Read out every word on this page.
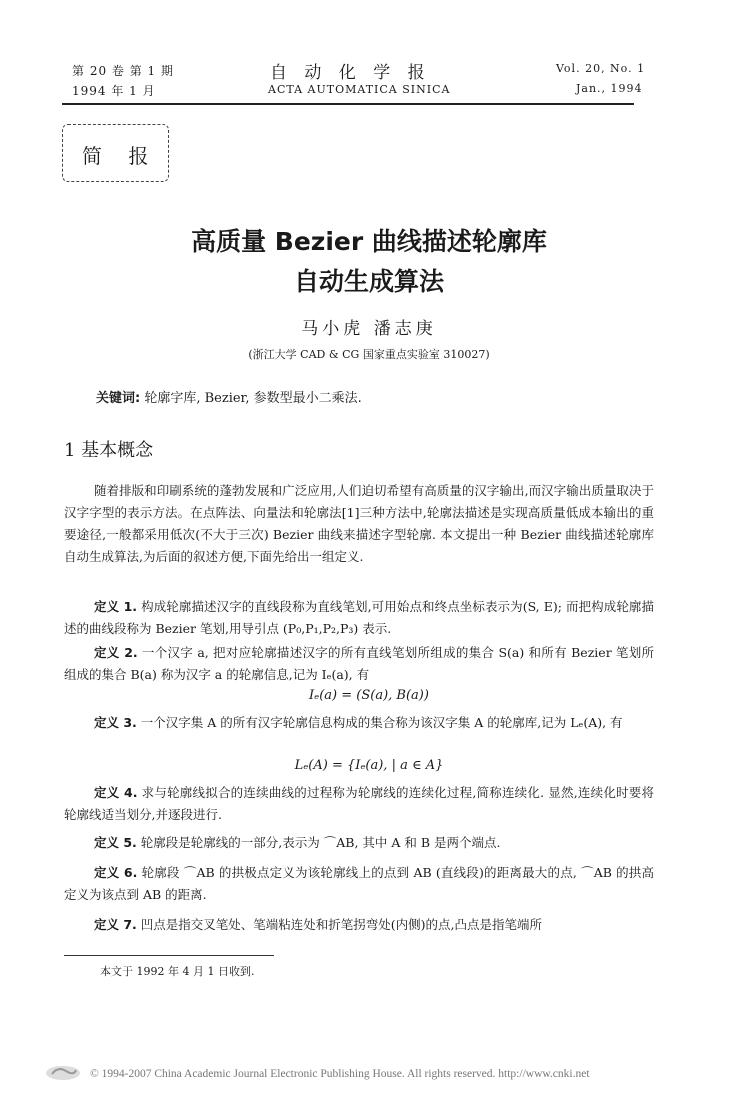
第 20 卷 第 1 期
1994 年 1 月
自 动 化 学 报
ACTA AUTOMATICA SINICA
Vol. 20, No. 1
Jan., 1994
简 报
高质量 Bezier 曲线描述轮廓库
自动生成算法
马小虎 潘志庚
(浙江大学 CAD & CG 国家重点实验室 310027)
关键词: 轮廓字库, Bezier, 参数型最小二乘法.
1 基本概念
随着排版和印刷系统的蓬勃发展和广泛应用,人们迫切希望有高质量的汉字输出,而汉字输出质量取决于汉字字型的表示方法。在点阵法、向量法和轮廓法[1]三种方法中,轮廓法描述是实现高质量低成本输出的重要途径,一般都采用低次(不大于三次) Bezier 曲线来描述字型轮廓. 本文提出一种 Bezier 曲线描述轮廓库自动生成算法,为后面的叙述方便,下面先给出一组定义.
定义 1. 构成轮廓描述汉字的直线段称为直线笔划,可用始点和终点坐标表示为(S, E); 而把构成轮廓描述的曲线段称为 Bezier 笔划,用导引点 (P₀,P₁,P₂,P₃) 表示.
定义 2. 一个汉字 a, 把对应轮廓描述汉字的所有直线笔划所组成的集合 S(a) 和所有 Bezier 笔划所组成的集合 B(a) 称为汉字 a 的轮廓信息,记为 Iₑ(a), 有
Iₑ(a) = (S(a), B(a))
定义 3. 一个汉字集 A 的所有汉字轮廓信息构成的集合称为该汉字集 A 的轮廓库,记为 Lₑ(A), 有
Lₑ(A) = {Iₑ(a), | a ∈ A}
定义 4. 求与轮廓线拟合的连续曲线的过程称为轮廓线的连续化过程,简称连续化. 显然,连续化时要将轮廓线适当划分,并逐段进行.
定义 5. 轮廓段是轮廓线的一部分,表示为 ⌒AB, 其中 A 和 B 是两个端点.
定义 6. 轮廓段 ⌒AB 的拱极点定义为该轮廓线上的点到 AB (直线段)的距离最大的点, ⌒AB 的拱高定义为该点到 AB 的距离.
定义 7. 凹点是指交叉笔处、笔端粘连处和折笔拐弯处(内侧)的点,凸点是指笔端所
本文于 1992 年 4 月 1 日收到.
© 1994-2007 China Academic Journal Electronic Publishing House. All rights reserved. http://www.cnki.net
